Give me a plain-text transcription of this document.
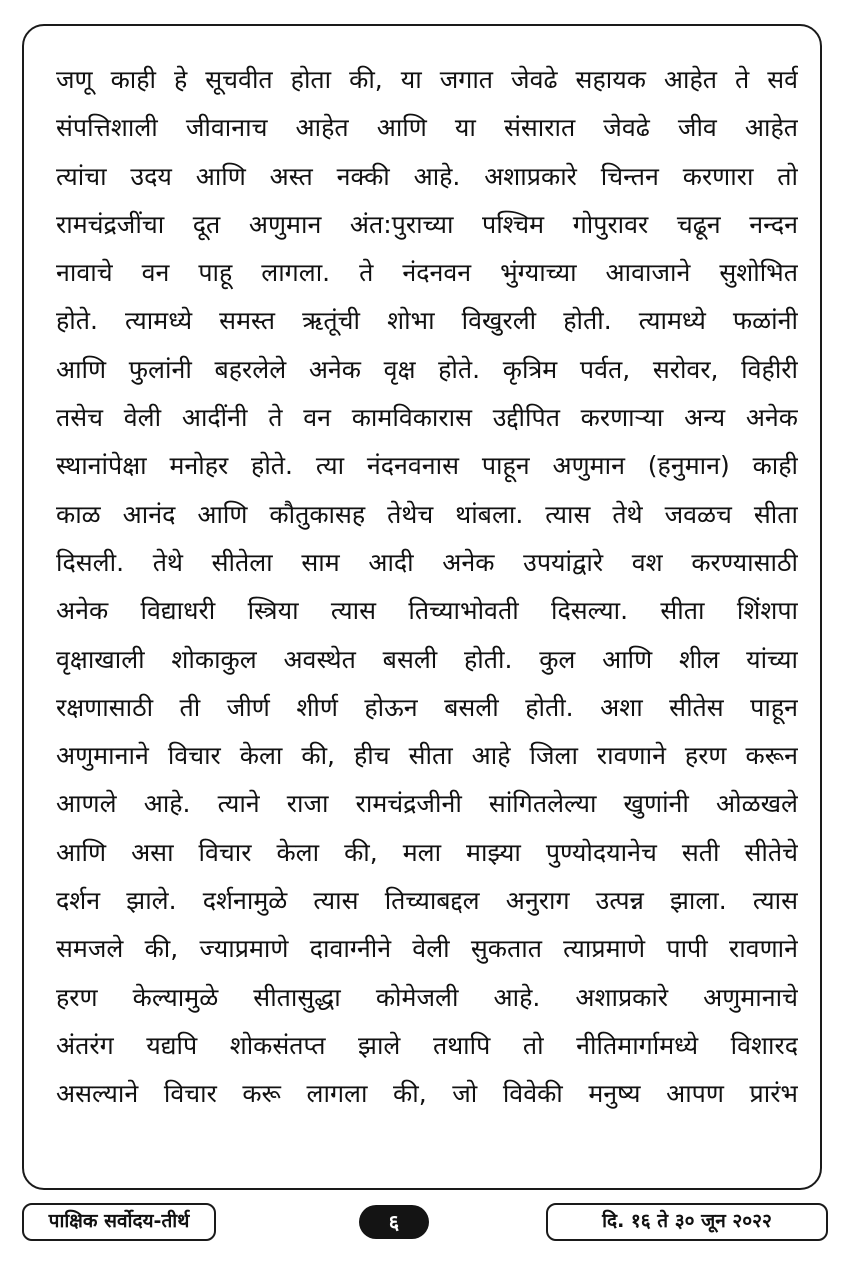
जणू काही हे सूचवीत होता की, या जगात जेवढे सहायक आहेत ते सर्व
संपत्तिशाली जीवानाच आहेत आणि या संसारात जेवढे जीव आहेत
त्यांचा उदय आणि अस्त नक्की आहे. अशाप्रकारे चिन्तन करणारा तो
रामचंद्रजींचा दूत अणुमान अंत:पुराच्या पश्चिम गोपुरावर चढून नन्दन
नावाचे वन पाहू लागला. ते नंदनवन भुंग्याच्या आवाजाने सुशोभित
होते. त्यामध्ये समस्त ऋतूंची शोभा विखुरली होती. त्यामध्ये फळांनी
आणि फुलांनी बहरलेले अनेक वृक्ष होते. कृत्रिम पर्वत, सरोवर, विहीरी
तसेच वेली आदींनी ते वन कामविकारास उद्दीपित करणाऱ्या अन्य अनेक
स्थानांपेक्षा मनोहर होते. त्या नंदनवनास पाहून अणुमान (हनुमान) काही
काळ आनंद आणि कौतुकासह तेथेच थांबला. त्यास तेथे जवळच सीता
दिसली. तेथे सीतेला साम आदी अनेक उपयांद्वारे वश करण्यासाठी
अनेक विद्याधरी स्त्रिया त्यास तिच्याभोवती दिसल्या. सीता शिंशपा
वृक्षाखाली शोकाकुल अवस्थेत बसली होती. कुल आणि शील यांच्या
रक्षणासाठी ती जीर्ण शीर्ण होऊन बसली होती. अशा सीतेस पाहून
अणुमानाने विचार केला की, हीच सीता आहे जिला रावणाने हरण करून
आणले आहे. त्याने राजा रामचंद्रजीनी सांगितलेल्या खुणांनी ओळखले
आणि असा विचार केला की, मला माझ्या पुण्योदयानेच सती सीतेचे
दर्शन झाले. दर्शनामुळे त्यास तिच्याबद्दल अनुराग उत्पन्न झाला. त्यास
समजले की, ज्याप्रमाणे दावाग्नीने वेली सुकतात त्याप्रमाणे पापी रावणाने
हरण केल्यामुळे सीतासुद्धा कोमेजली आहे. अशाप्रकारे अणुमानाचे
अंतरंग यद्यपि शोकसंतप्त झाले तथापि तो नीतिमार्गामध्ये विशारद
असल्याने विचार करू लागला की, जो विवेकी मनुष्य आपण प्रारंभ
पाक्षिक सर्वोदय-तीर्थ	६	दि. १६ ते ३० जून २०२२
